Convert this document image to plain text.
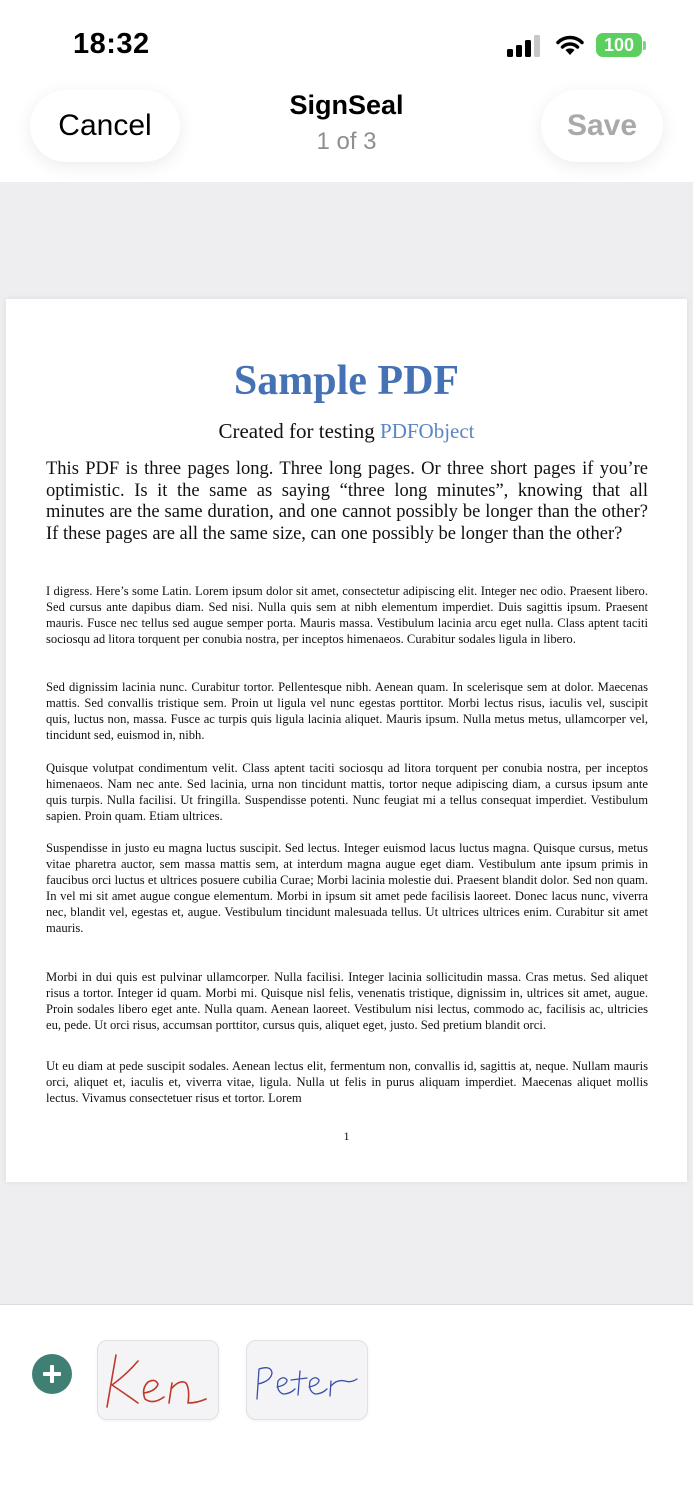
18:32	100
SignSeal
1 of 3
Cancel	Save
Sample PDF
Created for testing PDFObject
This PDF is three pages long. Three long pages. Or three short pages if you’re optimistic. Is it the same as saying “three long minutes”, knowing that all minutes are the same duration, and one cannot possibly be longer than the other? If these pages are all the same size, can one possibly be longer than the other?
I digress. Here’s some Latin. Lorem ipsum dolor sit amet, consectetur adipiscing elit. Integer nec odio. Praesent libero. Sed cursus ante dapibus diam. Sed nisi. Nulla quis sem at nibh elementum imperdiet. Duis sagittis ipsum. Praesent mauris. Fusce nec tellus sed augue semper porta. Mauris massa. Vestibulum lacinia arcu eget nulla. Class aptent taciti sociosqu ad litora torquent per conubia nostra, per inceptos himenaeos. Curabitur sodales ligula in libero.
Sed dignissim lacinia nunc. Curabitur tortor. Pellentesque nibh. Aenean quam. In scelerisque sem at dolor. Maecenas mattis. Sed convallis tristique sem. Proin ut ligula vel nunc egestas porttitor. Morbi lectus risus, iaculis vel, suscipit quis, luctus non, massa. Fusce ac turpis quis ligula lacinia aliquet. Mauris ipsum. Nulla metus metus, ullamcorper vel, tincidunt sed, euismod in, nibh.
Quisque volutpat condimentum velit. Class aptent taciti sociosqu ad litora torquent per conubia nostra, per inceptos himenaeos. Nam nec ante. Sed lacinia, urna non tincidunt mattis, tortor neque adipiscing diam, a cursus ipsum ante quis turpis. Nulla facilisi. Ut fringilla. Suspendisse potenti. Nunc feugiat mi a tellus consequat imperdiet. Vestibulum sapien. Proin quam. Etiam ultrices.
Suspendisse in justo eu magna luctus suscipit. Sed lectus. Integer euismod lacus luctus magna. Quisque cursus, metus vitae pharetra auctor, sem massa mattis sem, at interdum magna augue eget diam. Vestibulum ante ipsum primis in faucibus orci luctus et ultrices posuere cubilia Curae; Morbi lacinia molestie dui. Praesent blandit dolor. Sed non quam. In vel mi sit amet augue congue elementum. Morbi in ipsum sit amet pede facilisis laoreet. Donec lacus nunc, viverra nec, blandit vel, egestas et, augue. Vestibulum tincidunt malesuada tellus. Ut ultrices ultrices enim. Curabitur sit amet mauris.
Morbi in dui quis est pulvinar ullamcorper. Nulla facilisi. Integer lacinia sollicitudin massa. Cras metus. Sed aliquet risus a tortor. Integer id quam. Morbi mi. Quisque nisl felis, venenatis tristique, dignissim in, ultrices sit amet, augue. Proin sodales libero eget ante. Nulla quam. Aenean laoreet. Vestibulum nisi lectus, commodo ac, facilisis ac, ultricies eu, pede. Ut orci risus, accumsan porttitor, cursus quis, aliquet eget, justo. Sed pretium blandit orci.
Ut eu diam at pede suscipit sodales. Aenean lectus elit, fermentum non, convallis id, sagittis at, neque. Nullam mauris orci, aliquet et, iaculis et, viverra vitae, ligula. Nulla ut felis in purus aliquam imperdiet. Maecenas aliquet mollis lectus. Vivamus consectetuer risus et tortor. Lorem
1
